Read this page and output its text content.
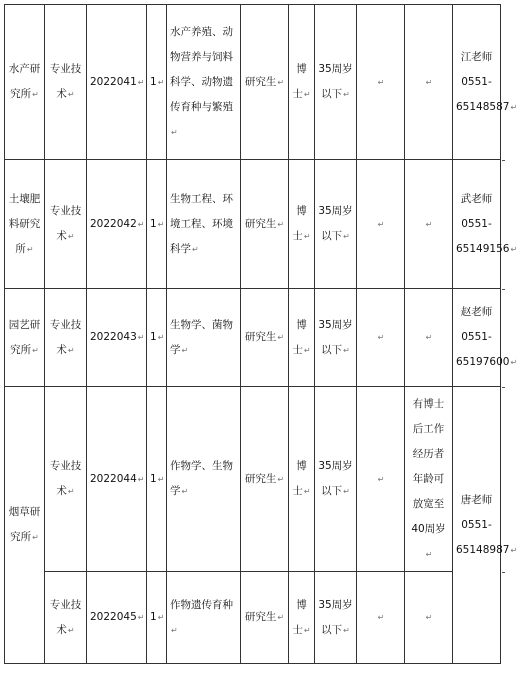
水产研究所↵	专业技术↵	2022041↵	1↵	水产养殖、动物营养与饲料科学、动物遗传育种与繁殖↵	研究生↵	博士↵	35周岁以下↵	↵	↵	江老师0551-65148587↵
土壤肥料研究所↵	专业技术↵	2022042↵	1↵	生物工程、环境工程、环境科学↵	研究生↵	博士↵	35周岁以下↵	↵	↵	武老师0551-65149156↵
园艺研究所↵	专业技术↵	2022043↵	1↵	生物学、菌物学↵	研究生↵	博士↵	35周岁以下↵	↵	↵	赵老师0551-65197600↵
烟草研究所↵	专业技术↵	2022044↵	1↵	作物学、生物学↵	研究生↵	博士↵	35周岁以下↵	↵	有博士后工作经历者年龄可放宽至40周岁↵	唐老师0551-65148987↵
	专业技术↵	2022045↵	1↵	作物遗传育种↵	研究生↵	博士↵	35周岁以下↵	↵	↵	
